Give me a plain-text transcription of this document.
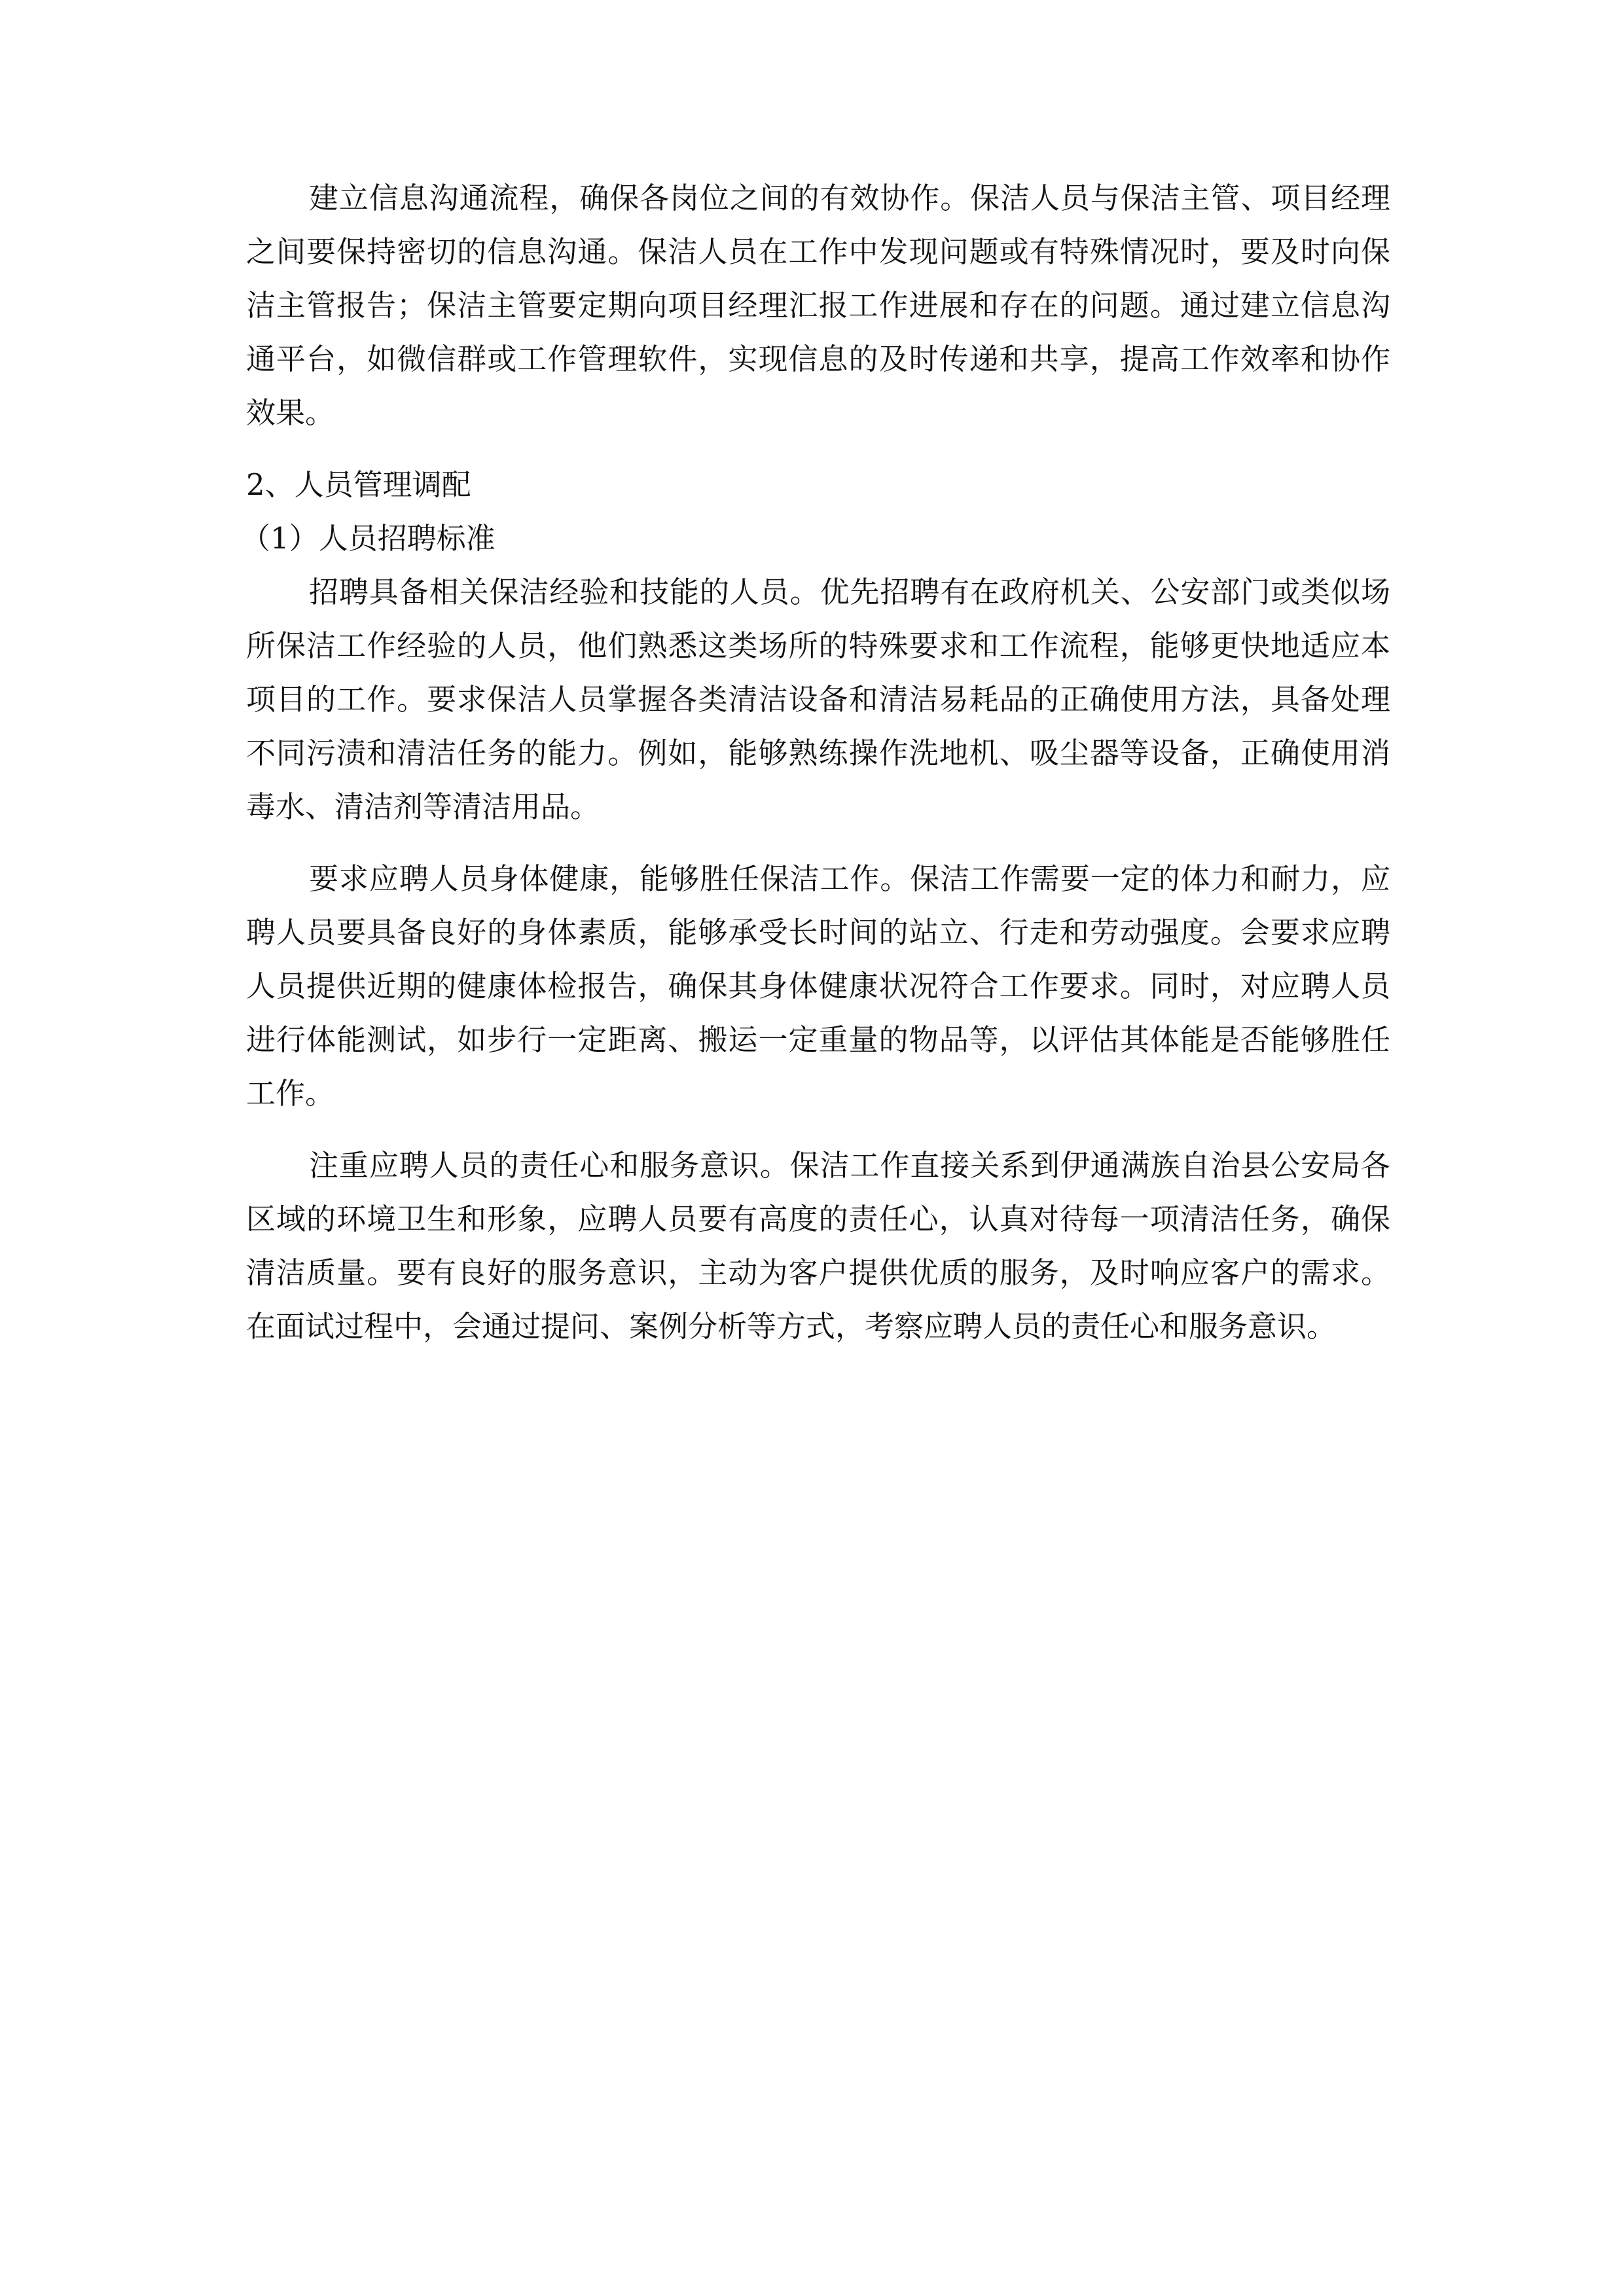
建立信息沟通流程，确保各岗位之间的有效协作。保洁人员与保洁主管、项目经理之间要保持密切的信息沟通。保洁人员在工作中发现问题或有特殊情况时，要及时向保洁主管报告；保洁主管要定期向项目经理汇报工作进展和存在的问题。通过建立信息沟通平台，如微信群或工作管理软件，实现信息的及时传递和共享，提高工作效率和协作效果。

2、人员管理调配

（1）人员招聘标准

招聘具备相关保洁经验和技能的人员。优先招聘有在政府机关、公安部门或类似场所保洁工作经验的人员，他们熟悉这类场所的特殊要求和工作流程，能够更快地适应本项目的工作。要求保洁人员掌握各类清洁设备和清洁易耗品的正确使用方法，具备处理不同污渍和清洁任务的能力。例如，能够熟练操作洗地机、吸尘器等设备，正确使用消毒水、清洁剂等清洁用品。

要求应聘人员身体健康，能够胜任保洁工作。保洁工作需要一定的体力和耐力，应聘人员要具备良好的身体素质，能够承受长时间的站立、行走和劳动强度。会要求应聘人员提供近期的健康体检报告，确保其身体健康状况符合工作要求。同时，对应聘人员进行体能测试，如步行一定距离、搬运一定重量的物品等，以评估其体能是否能够胜任工作。

注重应聘人员的责任心和服务意识。保洁工作直接关系到伊通满族自治县公安局各区域的环境卫生和形象，应聘人员要有高度的责任心，认真对待每一项清洁任务，确保清洁质量。要有良好的服务意识，主动为客户提供优质的服务，及时响应客户的需求。在面试过程中，会通过提问、案例分析等方式，考察应聘人员的责任心和服务意识。
